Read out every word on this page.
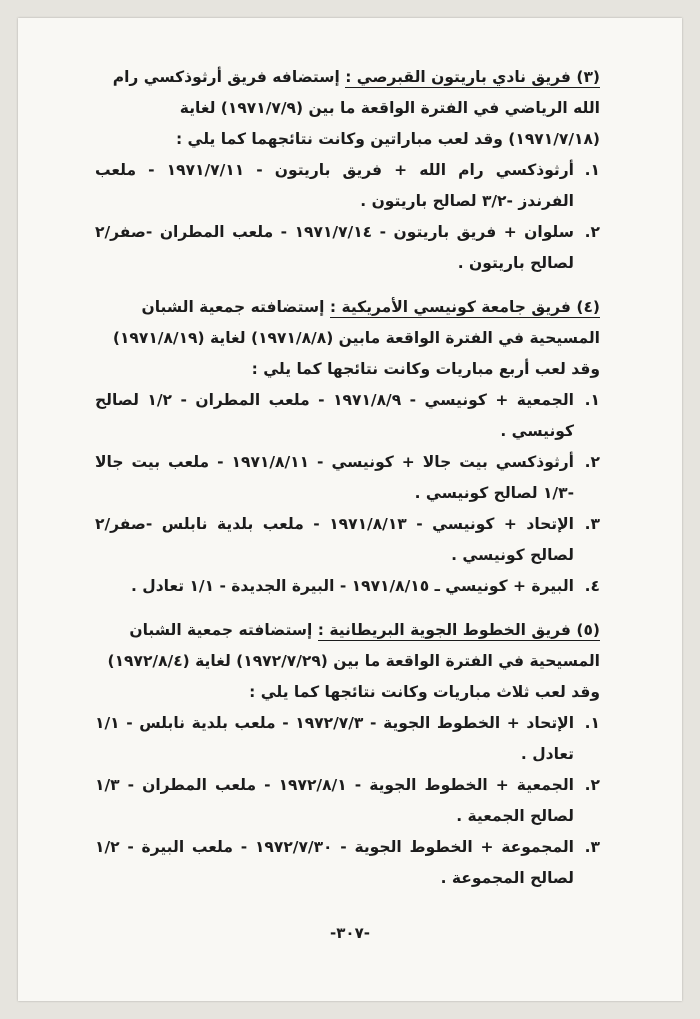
(٣) فريق نادي باريتون القبرصي : إستضافه فريق أرثوذكسي رام الله الرياضي في الفترة الواقعة ما بين (١٩٧١/٧/٩) لغاية (١٩٧١/٧/١٨) وقد لعب مباراتين وكانت نتائجهما كما يلي :
١.
أرثوذكسي رام الله + فريق باريتون - ١٩٧١/٧/١١ - ملعب الفرندز -٣/٢ لصالح باريتون .
٢.
سلوان + فريق باريتون - ١٩٧١/٧/١٤ - ملعب المطران -صفر/٢ لصالح باريتون .
(٤) فريق جامعة كونيسي الأمريكية : إستضافته جمعية الشبان المسيحية في الفترة الواقعة مابين (١٩٧١/٨/٨) لغاية (١٩٧١/٨/١٩) وقد لعب أربع مباريات وكانت نتائجها كما يلي :
١.
الجمعية + كونيسي - ١٩٧١/٨/٩ - ملعب المطران - ١/٢ لصالح كونيسي .
٢.
أرثوذكسي بيت جالا + كونيسي - ١٩٧١/٨/١١ - ملعب بيت جالا -١/٣ لصالح كونيسي .
٣.
الإتحاد + كونيسي - ١٩٧١/٨/١٣ - ملعب بلدية نابلس -صفر/٢ لصالح كونيسي .
٤.
البيرة + كونيسي ـ ١٩٧١/٨/١٥ - البيرة الجديدة - ١/١ تعادل .
(٥) فريق الخطوط الجوية البريطانية : إستضافته جمعية الشبان المسيحية في الفترة الواقعة ما بين (١٩٧٢/٧/٢٩) لغاية (١٩٧٢/٨/٤) وقد لعب ثلاث مباريات وكانت نتائجها كما يلي :
١.
الإتحاد + الخطوط الجوية - ١٩٧٢/٧/٣ - ملعب بلدية نابلس - ١/١ تعادل .
٢.
الجمعية + الخطوط الجوية - ١٩٧٢/٨/١ - ملعب المطران - ١/٣ لصالح الجمعية .
٣.
المجموعة + الخطوط الجوية - ١٩٧٢/٧/٣٠ - ملعب البيرة - ١/٢ لصالح المجموعة .
-٣٠٧-
